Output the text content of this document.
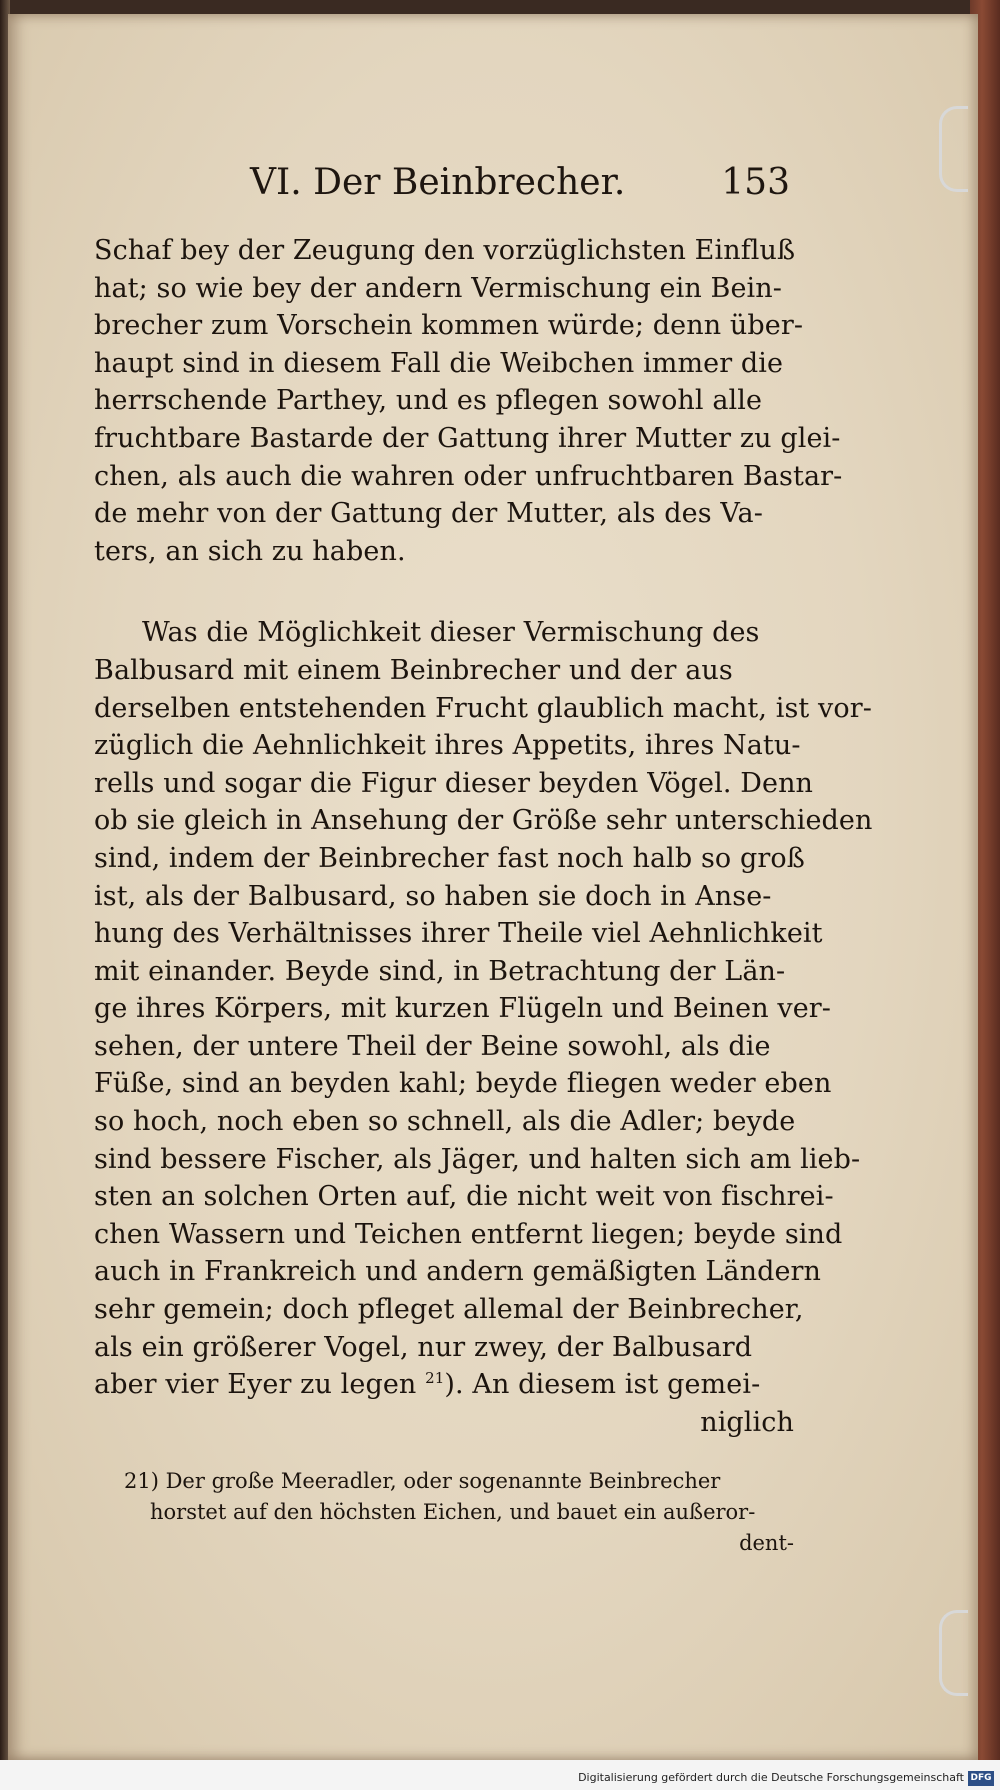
VI. Der Beinbrecher.	153
Schaf bey der Zeugung den vorzüglichsten Einfluß
hat; so wie bey der andern Vermischung ein Bein-
brecher zum Vorschein kommen würde; denn über-
haupt sind in diesem Fall die Weibchen immer die
herrschende Parthey, und es pflegen sowohl alle
fruchtbare Bastarde der Gattung ihrer Mutter zu glei-
chen, als auch die wahren oder unfruchtbaren Bastar-
de mehr von der Gattung der Mutter, als des Va-
ters, an sich zu haben.
Was die Möglichkeit dieser Vermischung des
Balbusard mit einem Beinbrecher und der aus
derselben entstehenden Frucht glaublich macht, ist vor-
züglich die Aehnlichkeit ihres Appetits, ihres Natu-
rells und sogar die Figur dieser beyden Vögel. Denn
ob sie gleich in Ansehung der Größe sehr unterschieden
sind, indem der Beinbrecher fast noch halb so groß
ist, als der Balbusard, so haben sie doch in Anse-
hung des Verhältnisses ihrer Theile viel Aehnlichkeit
mit einander. Beyde sind, in Betrachtung der Län-
ge ihres Körpers, mit kurzen Flügeln und Beinen ver-
sehen, der untere Theil der Beine sowohl, als die
Füße, sind an beyden kahl; beyde fliegen weder eben
so hoch, noch eben so schnell, als die Adler; beyde
sind bessere Fischer, als Jäger, und halten sich am lieb-
sten an solchen Orten auf, die nicht weit von fischrei-
chen Wassern und Teichen entfernt liegen; beyde sind
auch in Frankreich und andern gemäßigten Ländern
sehr gemein; doch pfleget allemal der Beinbrecher,
als ein größerer Vogel, nur zwey, der Balbusard
aber vier Eyer zu legen $^{21}$). An diesem ist gemei-
niglich
21) Der große Meeradler, oder sogenannte Beinbrecher
horstet auf den höchsten Eichen, und bauet ein außeror-
dent-
Digitalisierung gefördert durch die Deutsche Forschungsgemeinschaft DFG
